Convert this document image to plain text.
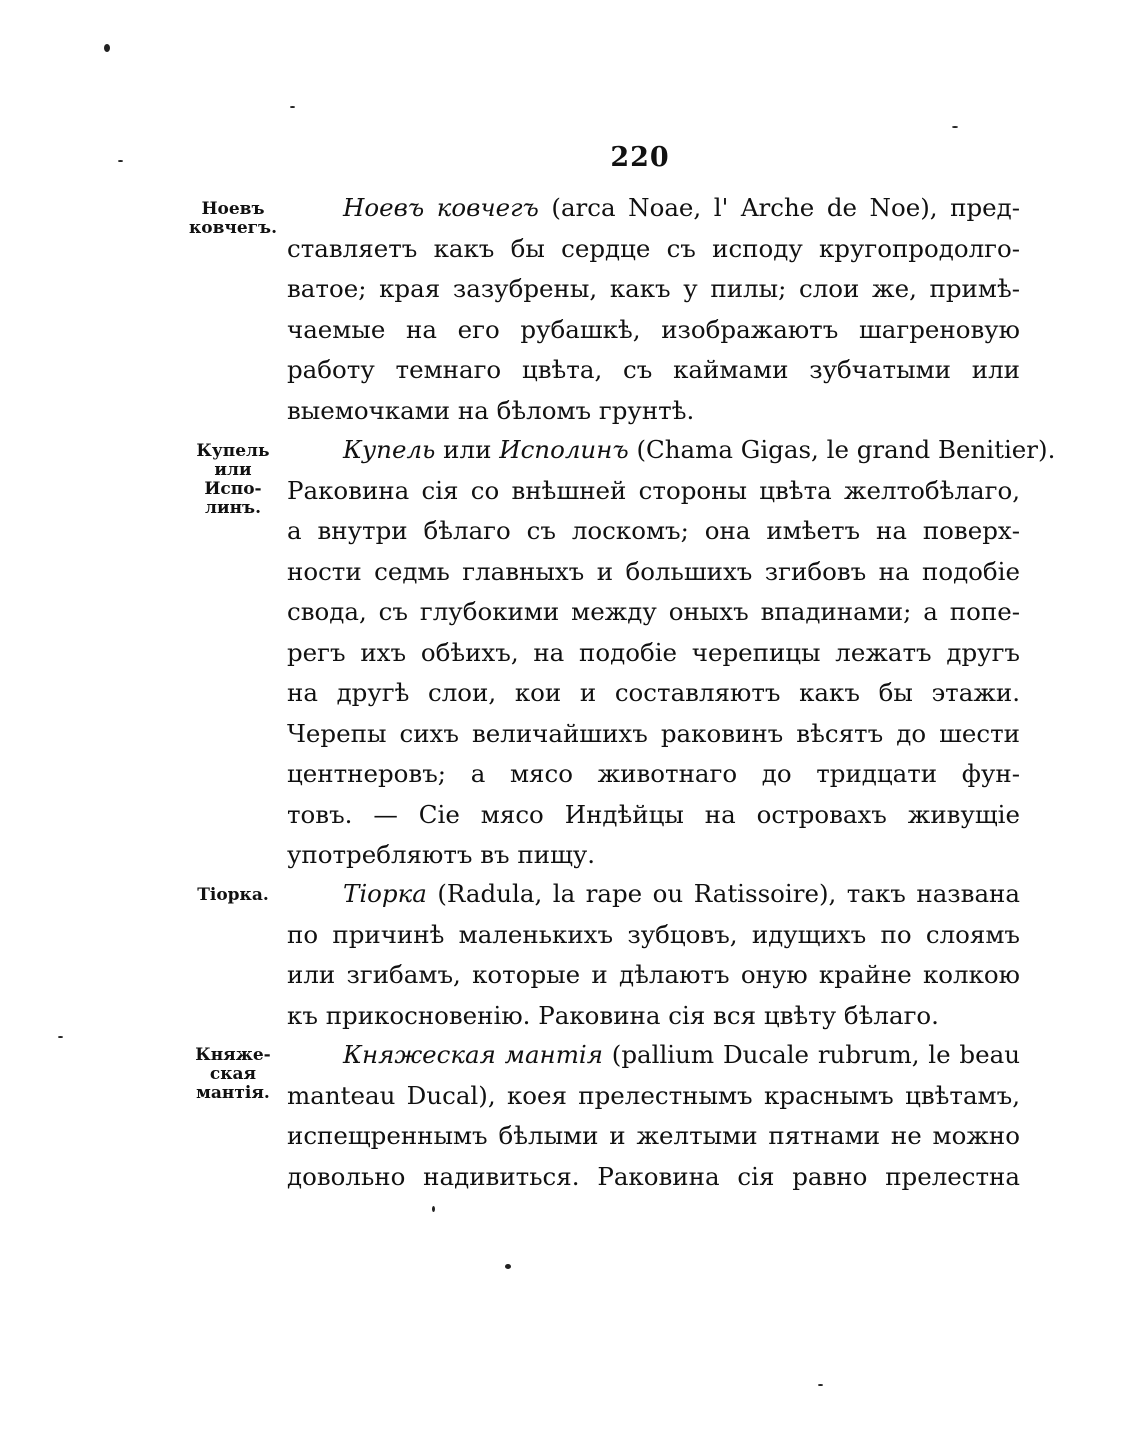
220
Ноевъ
ковчегъ.
Ноевъ ковчегъ (arca Noae, l' Arche de Noe), пред-
ставляетъ какъ бы сердце съ исподу кругопродолго-
ватое; края зазубрены, какъ у пилы; слои же, примѣ-
чаемые на его рубашкѣ, изображаютъ шагреновую
работу темнаго цвѣта, съ каймами зубчатыми или
выемочками на бѣломъ грунтѣ.
Купель
или Испо-
линъ.
Купель или Исполинъ (Chama Gigas, le grand Benitier).
Раковина сія со внѣшней стороны цвѣта желтобѣлаго,
а внутри бѣлаго съ лоскомъ; она имѣетъ на поверх-
ности седмь главныхъ и большихъ згибовъ на подобіе
свода, съ глубокими между оныхъ впадинами; а попе-
регъ ихъ обѣихъ, на подобіе черепицы лежатъ другъ
на другѣ слои, кои и составляютъ какъ бы этажи.
Черепы сихъ величайшихъ раковинъ вѣсятъ до шести
центнеровъ; а мясо животнаго до тридцати фун-
товъ. — Сіе мясо Индѣйцы на островахъ живущіе
употребляютъ въ пищу.
Тіорка.	Тіорка (Radula, la rape ou Ratissoire), такъ названа
по причинѣ маленькихъ зубцовъ, идущихъ по слоямъ
или згибамъ, которые и дѣлаютъ оную крайне колкою
къ прикосновенію. Раковина сія вся цвѣту бѣлаго.
Княже-
ская
мантія.
Княжеская мантія (pallium Ducale rubrum, le beau
manteau Ducal), коея прелестнымъ краснымъ цвѣтамъ,
испещреннымъ бѣлыми и желтыми пятнами не можно
довольно надивиться. Раковина сія равно прелестна
